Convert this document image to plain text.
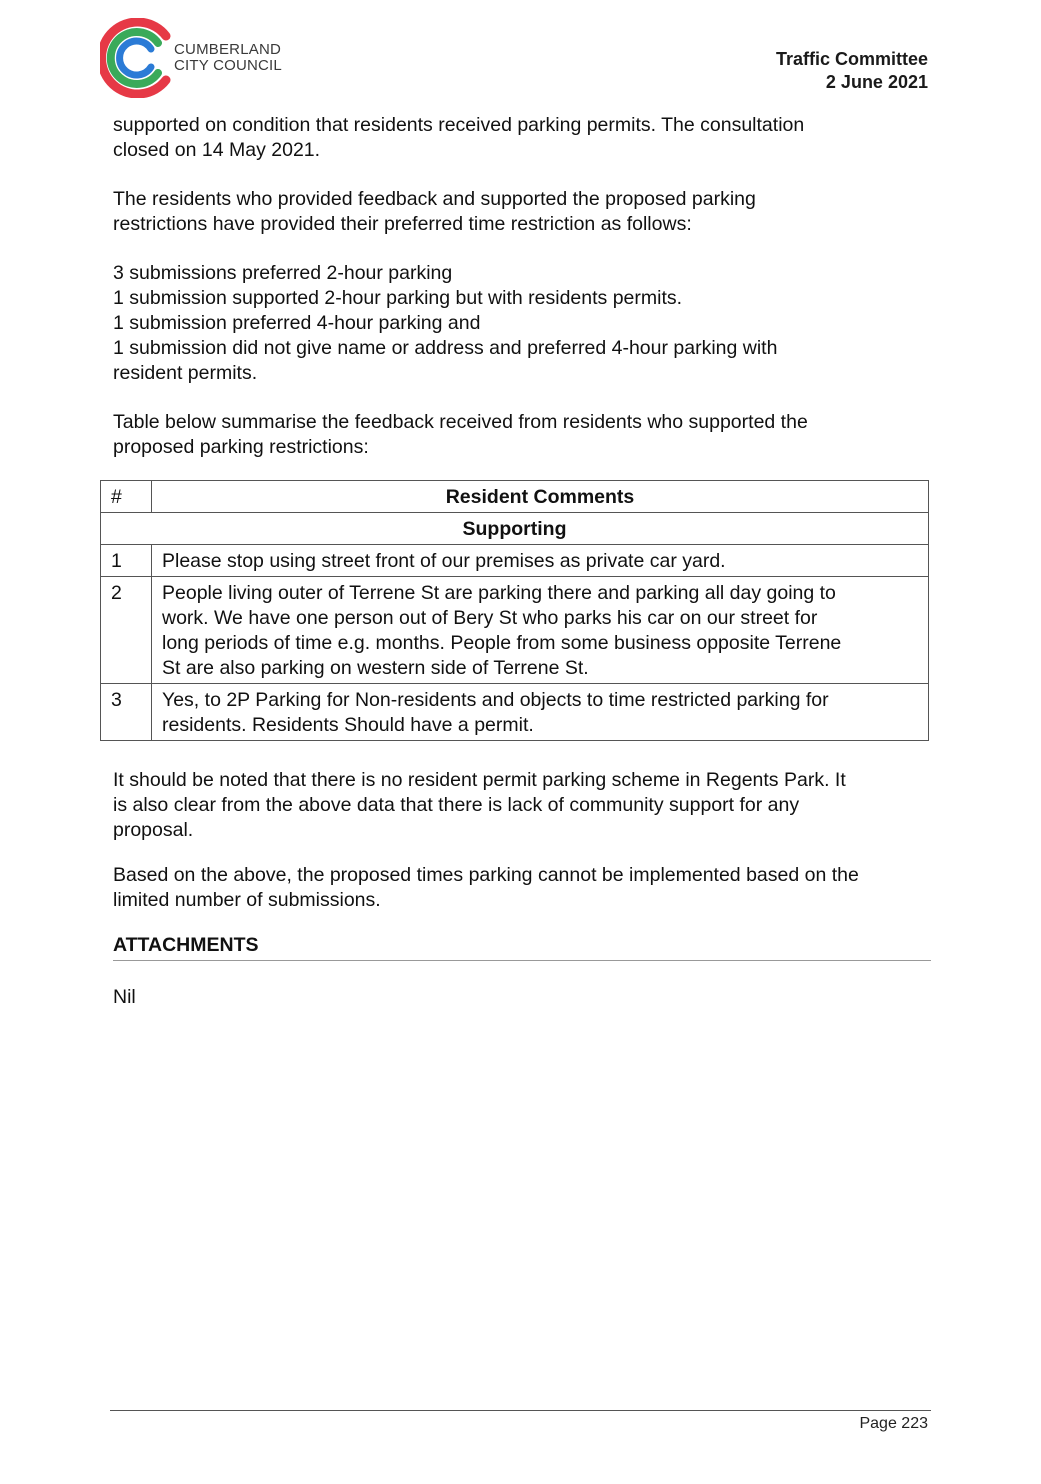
CUMBERLAND
CITY COUNCIL	Traffic Committee
2 June 2021

supported on condition that residents received parking permits. The consultation
closed on 14 May 2021.

The residents who provided feedback and supported the proposed parking
restrictions have provided their preferred time restriction as follows:

3 submissions preferred 2-hour parking
1 submission supported 2-hour parking but with residents permits.
1 submission preferred 4-hour parking and
1 submission did not give name or address and preferred 4-hour parking with
resident permits.

Table below summarise the feedback received from residents who supported the
proposed parking restrictions:

#	Resident Comments
Supporting	
1	Please stop using street front of our premises as private car yard.
2	People living outer of Terrene St are parking there and parking all day going to
work. We have one person out of Bery St who parks his car on our street for
long periods of time e.g. months. People from some business opposite Terrene
St are also parking on western side of Terrene St.
3	Yes, to 2P Parking for Non-residents and objects to time restricted parking for
residents. Residents Should have a permit.

It should be noted that there is no resident permit parking scheme in Regents Park. It
is also clear from the above data that there is lack of community support for any
proposal.

Based on the above, the proposed times parking cannot be implemented based on the
limited number of submissions.

ATTACHMENTS

Nil

Page 223
